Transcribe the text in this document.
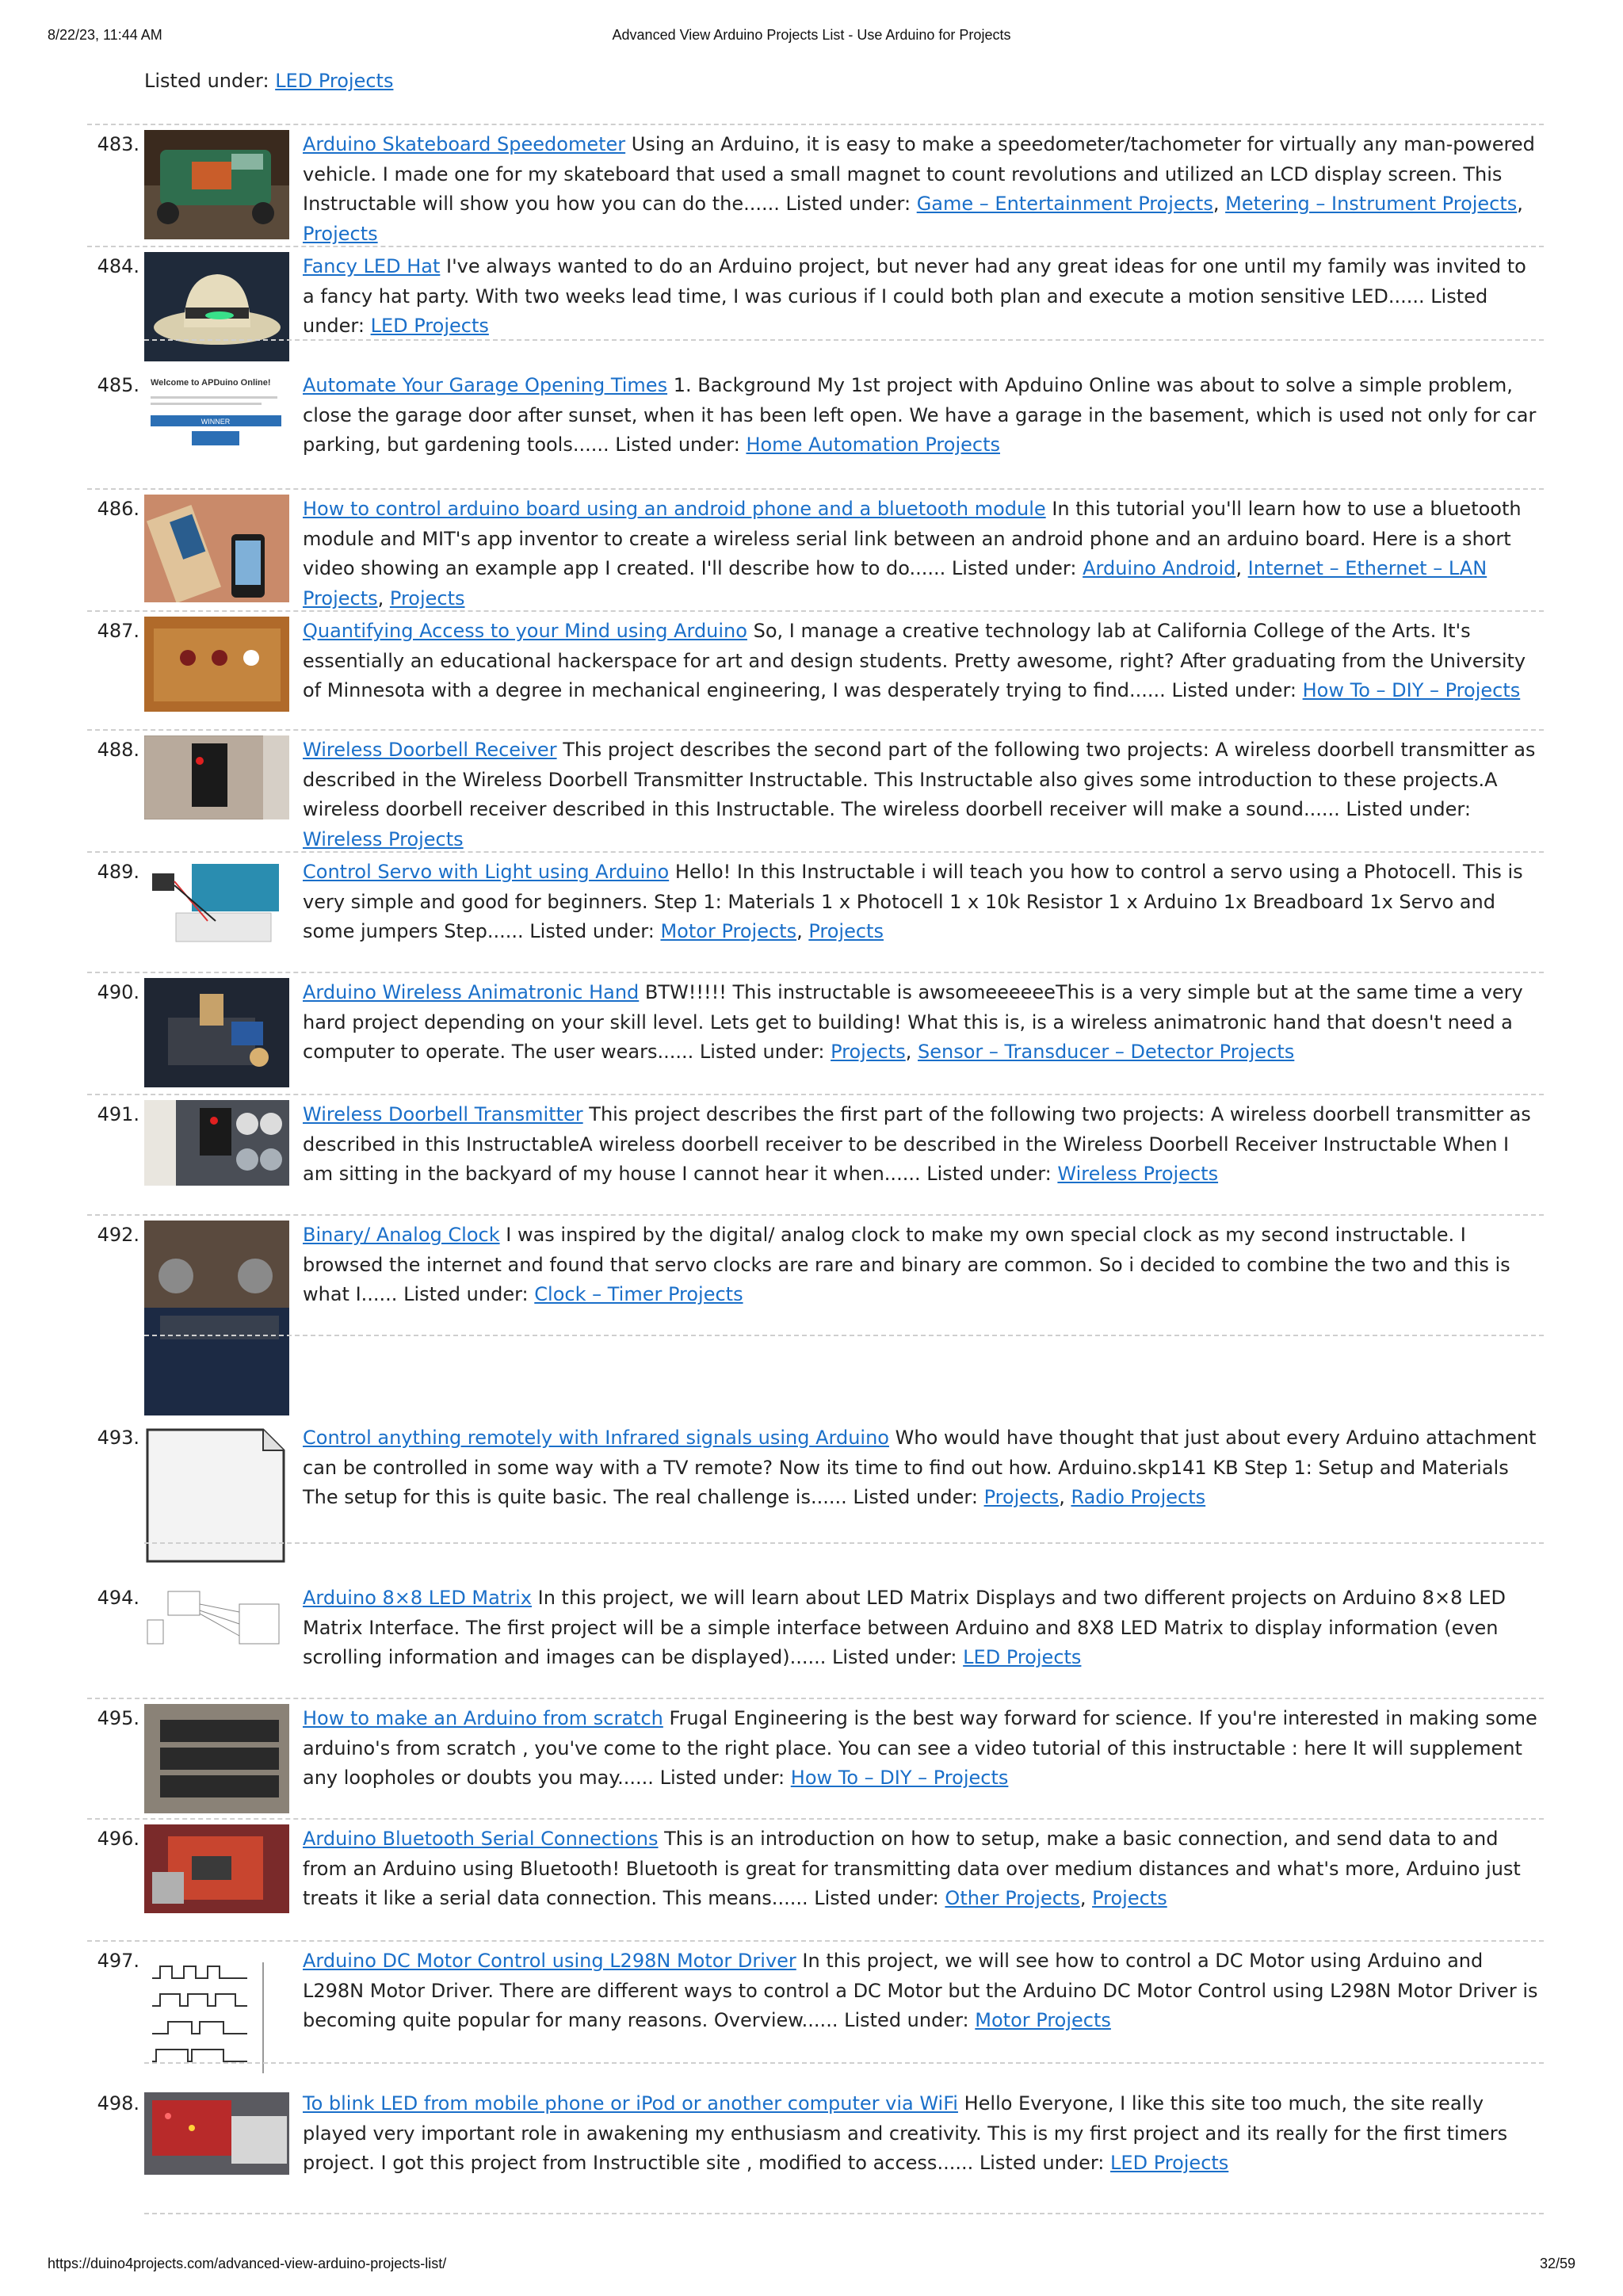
8/22/23, 11:44 AM	Advanced View Arduino Projects List - Use Arduino for Projects
Listed under: LED Projects
483.	Arduino Skateboard Speedometer Using an Arduino, it is easy to make a speedometer/tachometer for virtually any man-powered vehicle. I made one for my skateboard that used a small magnet to count revolutions and utilized an LCD display screen. This Instructable will show you how you can do the...... Listed under: Game – Entertainment Projects, Metering – Instrument Projects, Projects
484.	Fancy LED Hat I've always wanted to do an Arduino project, but never had any great ideas for one until my family was invited to a fancy hat party. With two weeks lead time, I was curious if I could both plan and execute a motion sensitive LED...... Listed under: LED Projects
485. Welcome to APDuino Online!
WINNER
Automate Your Garage Opening Times 1. Background My 1st project with Apduino Online was about to solve a simple problem, close the garage door after sunset, when it has been left open. We have a garage in the basement, which is used not only for car parking, but gardening tools...... Listed under: Home Automation Projects
486.	How to control arduino board using an android phone and a bluetooth module In this tutorial you'll learn how to use a bluetooth module and MIT's app inventor to create a wireless serial link between an android phone and an arduino board. Here is a short video showing an example app I created. I'll describe how to do...... Listed under: Arduino Android, Internet – Ethernet – LAN Projects, Projects
487.	Quantifying Access to your Mind using Arduino So, I manage a creative technology lab at California College of the Arts. It's essentially an educational hackerspace for art and design students. Pretty awesome, right? After graduating from the University of Minnesota with a degree in mechanical engineering, I was desperately trying to find...... Listed under: How To – DIY – Projects
488.	Wireless Doorbell Receiver This project describes the second part of the following two projects: A wireless doorbell transmitter as described in the Wireless Doorbell Transmitter Instructable. This Instructable also gives some introduction to these projects.A wireless doorbell receiver described in this Instructable. The wireless doorbell receiver will make a sound...... Listed under: Wireless Projects
489.	Control Servo with Light using Arduino Hello! In this Instructable i will teach you how to control a servo using a Photocell. This is very simple and good for beginners. Step 1: Materials 1 x Photocell 1 x 10k Resistor 1 x Arduino 1x Breadboard 1x Servo and some jumpers Step...... Listed under: Motor Projects, Projects
490.	Arduino Wireless Animatronic Hand BTW!!!!! This instructable is awsomeeeeeeThis is a very simple but at the same time a very hard project depending on your skill level. Lets get to building! What this is, is a wireless animatronic hand that doesn't need a computer to operate. The user wears...... Listed under: Projects, Sensor – Transducer – Detector Projects
491.	Wireless Doorbell Transmitter This project describes the first part of the following two projects: A wireless doorbell transmitter as described in this InstructableA wireless doorbell receiver to be described in the Wireless Doorbell Receiver Instructable When I am sitting in the backyard of my house I cannot hear it when...... Listed under: Wireless Projects
492.	Binary/ Analog Clock I was inspired by the digital/ analog clock to make my own special clock as my second instructable. I browsed the internet and found that servo clocks are rare and binary are common. So i decided to combine the two and this is what I...... Listed under: Clock – Timer Projects
493.	Control anything remotely with Infrared signals using Arduino Who would have thought that just about every Arduino attachment can be controlled in some way with a TV remote? Now its time to find out how. Arduino.skp141 KB Step 1: Setup and Materials The setup for this is quite basic. The real challenge is...... Listed under: Projects, Radio Projects
494.	Arduino 8×8 LED Matrix In this project, we will learn about LED Matrix Displays and two different projects on Arduino 8×8 LED Matrix Interface. The first project will be a simple interface between Arduino and 8X8 LED Matrix to display information (even scrolling information and images can be displayed)...... Listed under: LED Projects
495.	How to make an Arduino from scratch Frugal Engineering is the best way forward for science. If you're interested in making some arduino's from scratch , you've come to the right place. You can see a video tutorial of this instructable : here It will supplement any loopholes or doubts you may...... Listed under: How To – DIY – Projects
496.	Arduino Bluetooth Serial Connections This is an introduction on how to setup, make a basic connection, and send data to and from an Arduino using Bluetooth! Bluetooth is great for transmitting data over medium distances and what's more, Arduino just treats it like a serial data connection. This means...... Listed under: Other Projects, Projects
497.	Arduino DC Motor Control using L298N Motor Driver In this project, we will see how to control a DC Motor using Arduino and L298N Motor Driver. There are different ways to control a DC Motor but the Arduino DC Motor Control using L298N Motor Driver is becoming quite popular for many reasons. Overview...... Listed under: Motor Projects
498.	To blink LED from mobile phone or iPod or another computer via WiFi Hello Everyone, I like this site too much, the site really played very important role in awakening my enthusiasm and creativity. This is my first project and its really for the first timers project. I got this project from Instructible site , modified to access...... Listed under: LED Projects
https://duino4projects.com/advanced-view-arduino-projects-list/	32/59
